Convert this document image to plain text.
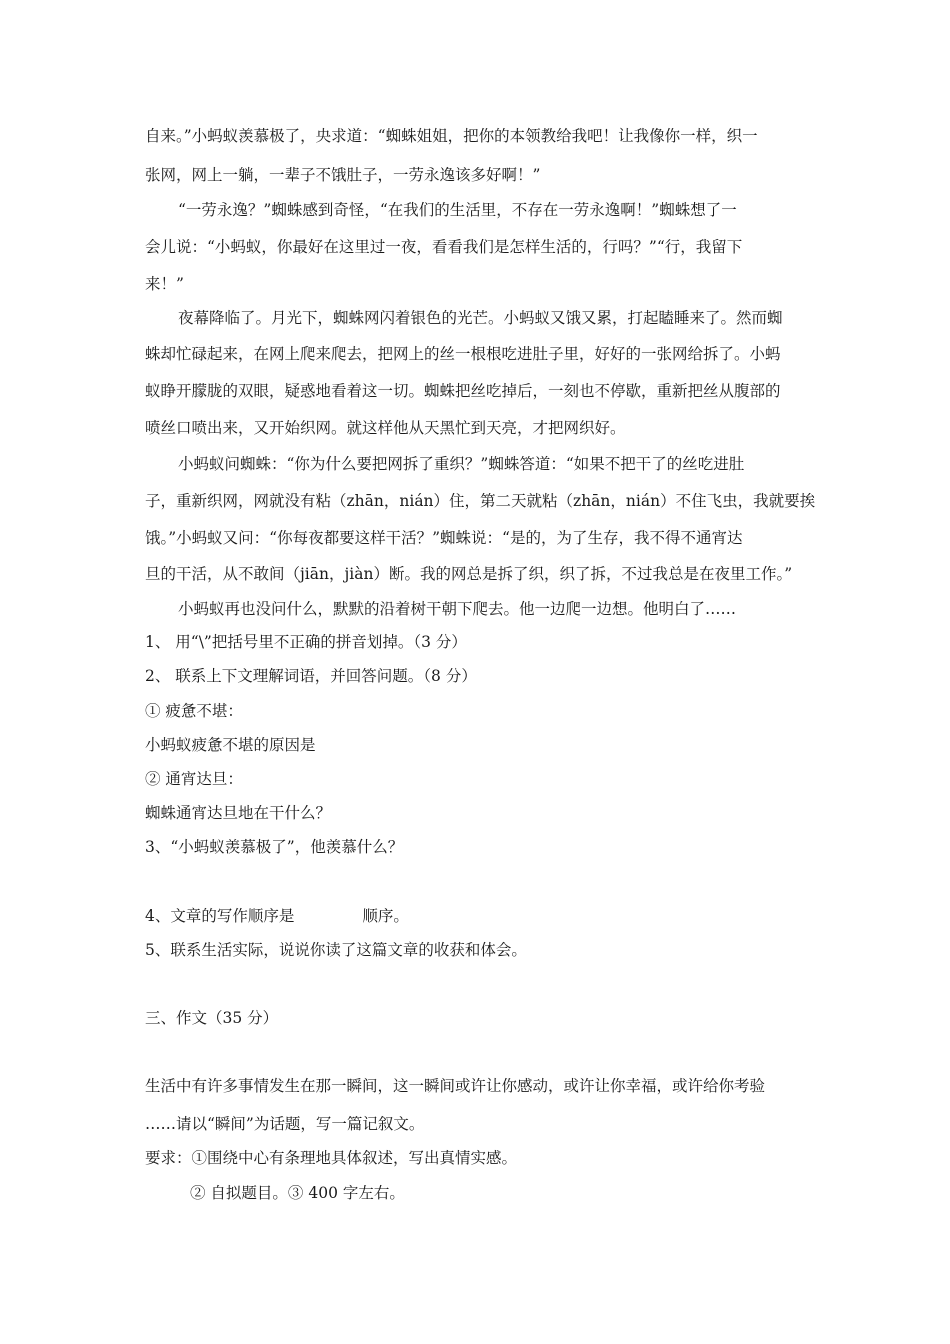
自来。”小蚂蚁羡慕极了，央求道：“蜘蛛姐姐，把你的本领教给我吧！让我像你一样，织一
张网，网上一躺，一辈子不饿肚子，一劳永逸该多好啊！”
“一劳永逸？”蜘蛛感到奇怪，“在我们的生活里，不存在一劳永逸啊！”蜘蛛想了一
会儿说：“小蚂蚁，你最好在这里过一夜，看看我们是怎样生活的，行吗？”“行，我留下
来！”
夜幕降临了。月光下，蜘蛛网闪着银色的光芒。小蚂蚁又饿又累，打起瞌睡来了。然而蜘
蛛却忙碌起来，在网上爬来爬去，把网上的丝一根根吃进肚子里，好好的一张网给拆了。小蚂
蚁睁开朦胧的双眼，疑惑地看着这一切。蜘蛛把丝吃掉后，一刻也不停歇，重新把丝从腹部的
喷丝口喷出来，又开始织网。就这样他从天黑忙到天亮，才把网织好。
小蚂蚁问蜘蛛：“你为什么要把网拆了重织？”蜘蛛答道：“如果不把干了的丝吃进肚
子，重新织网，网就没有粘（zhān，nián）住，第二天就粘（zhān，nián）不住飞虫，我就要挨
饿。”小蚂蚁又问：“你每夜都要这样干活？”蜘蛛说：“是的，为了生存，我不得不通宵达
旦的干活，从不敢间（jiān，jiàn）断。我的网总是拆了织，织了拆，不过我总是在夜里工作。”
小蚂蚁再也没问什么，默默的沿着树干朝下爬去。他一边爬一边想。他明白了……
1、 用“\”把括号里不正确的拼音划掉。（3 分）
2、 联系上下文理解词语，并回答问题。（8 分）
① 疲惫不堪：
小蚂蚁疲惫不堪的原因是
② 通宵达旦：
蜘蛛通宵达旦地在干什么？
3、“小蚂蚁羡慕极了”，他羡慕什么？
4、文章的写作顺序是	顺序。
5、联系生活实际，说说你读了这篇文章的收获和体会。
三、作文（35 分）
生活中有许多事情发生在那一瞬间，这一瞬间或许让你感动，或许让你幸福，或许给你考验
……请以“瞬间”为话题，写一篇记叙文。
要求：①围绕中心有条理地具体叙述，写出真情实感。
② 自拟题目。③ 400 字左右。
